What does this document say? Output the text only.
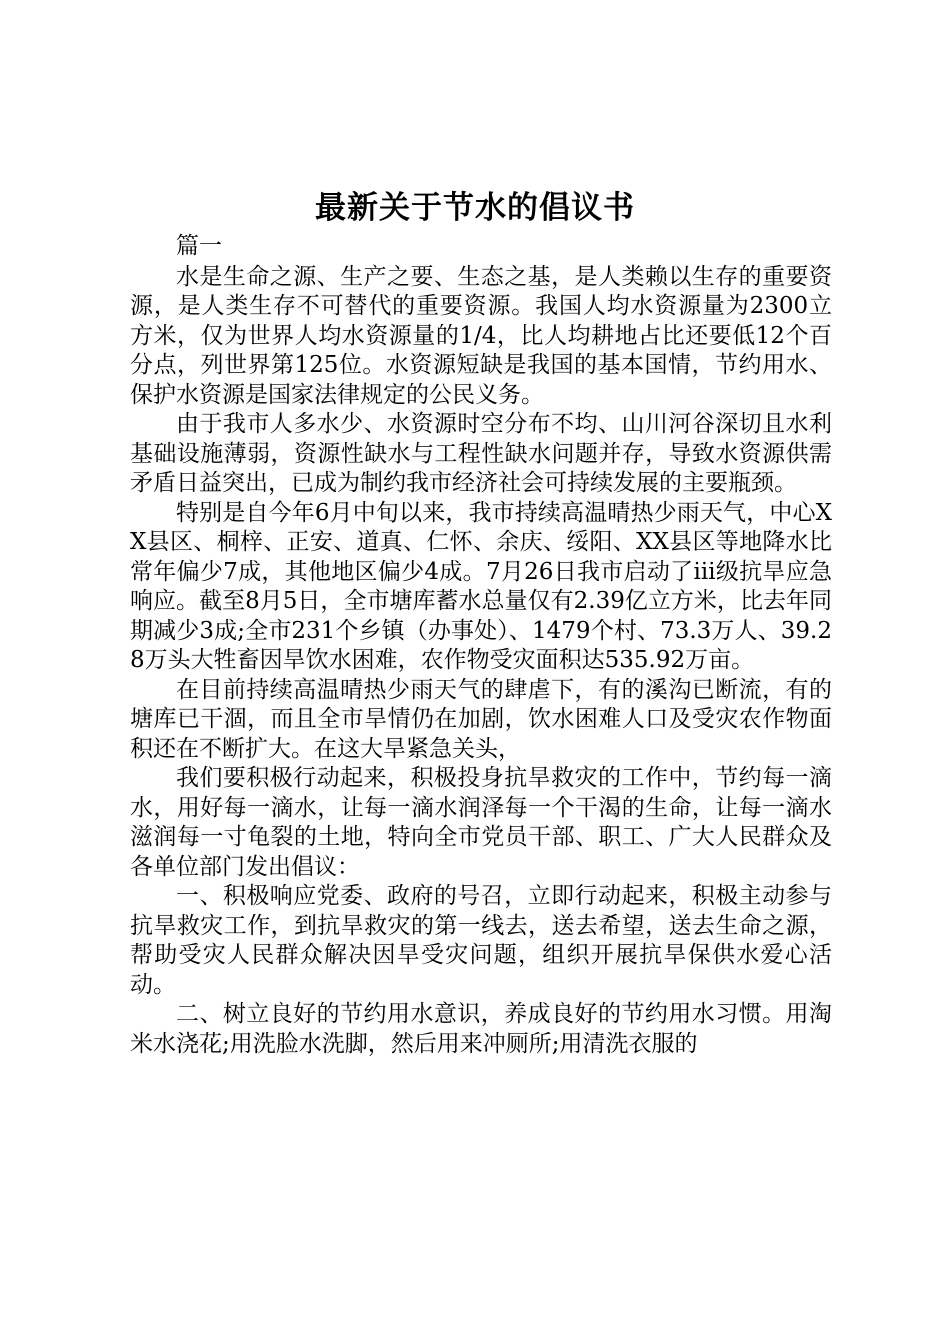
最新关于节水的倡议书

篇一

水是生命之源、生产之要、生态之基，是人类赖以生存的重要资源，是人类生存不可替代的重要资源。我国人均水资源量为2300立方米，仅为世界人均水资源量的1/4，比人均耕地占比还要低12个百分点，列世界第125位。水资源短缺是我国的基本国情，节约用水、保护水资源是国家法律规定的公民义务。

由于我市人多水少、水资源时空分布不均、山川河谷深切且水利基础设施薄弱，资源性缺水与工程性缺水问题并存，导致水资源供需矛盾日益突出，已成为制约我市经济社会可持续发展的主要瓶颈。

特别是自今年6月中旬以来，我市持续高温晴热少雨天气，中心XX县区、桐梓、正安、道真、仁怀、余庆、绥阳、XX县区等地降水比常年偏少7成，其他地区偏少4成。7月26日我市启动了ⅲ级抗旱应急响应。截至8月5日，全市塘库蓄水总量仅有2.39亿立方米，比去年同期减少3成;全市231个乡镇（办事处）、1479个村、73.3万人、39.28万头大牲畜因旱饮水困难，农作物受灾面积达535.92万亩。

在目前持续高温晴热少雨天气的肆虐下，有的溪沟已断流，有的塘库已干涸，而且全市旱情仍在加剧，饮水困难人口及受灾农作物面积还在不断扩大。在这大旱紧急关头，

我们要积极行动起来，积极投身抗旱救灾的工作中，节约每一滴水，用好每一滴水，让每一滴水润泽每一个干渴的生命，让每一滴水滋润每一寸龟裂的土地，特向全市党员干部、职工、广大人民群众及各单位部门发出倡议：

一、积极响应党委、政府的号召，立即行动起来，积极主动参与抗旱救灾工作，到抗旱救灾的第一线去，送去希望，送去生命之源，帮助受灾人民群众解决因旱受灾问题，组织开展抗旱保供水爱心活动。

二、树立良好的节约用水意识，养成良好的节约用水习惯。用淘米水浇花;用洗脸水洗脚，然后用来冲厕所;用清洗衣服的
